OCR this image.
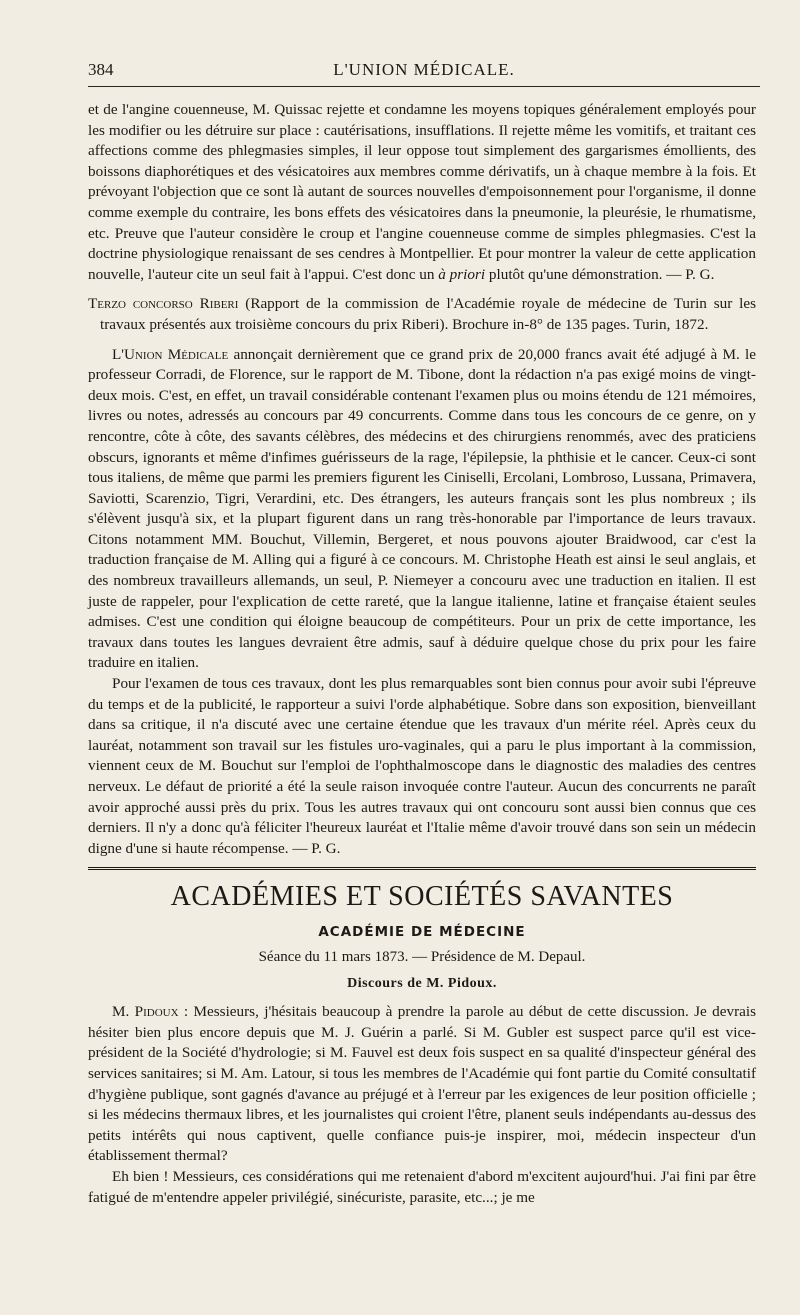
384	L'UNION MÉDICALE.

et de l'angine couenneuse, M. Quissac rejette et condamne les moyens topiques généralement employés pour les modifier ou les détruire sur place : cautérisations, insufflations. Il rejette même les vomitifs, et traitant ces affections comme des phlegmasies simples, il leur oppose tout simplement des gargarismes émollients, des boissons diaphorétiques et des vésicatoires aux membres comme dérivatifs, un à chaque membre à la fois. Et prévoyant l'objection que ce sont là autant de sources nouvelles d'empoisonnement pour l'organisme, il donne comme exemple du contraire, les bons effets des vésicatoires dans la pneumonie, la pleurésie, le rhumatisme, etc. Preuve que l'auteur considère le croup et l'angine couenneuse comme de simples phlegmasies. C'est la doctrine physiologique renaissant de ses cendres à Montpellier. Et pour montrer la valeur de cette application nouvelle, l'auteur cite un seul fait à l'appui. C'est donc un à priori plutôt qu'une démonstration. — P. G.

Terzo concorso Riberi (Rapport de la commission de l'Académie royale de médecine de Turin sur les travaux présentés aux troisième concours du prix Riberi). Brochure in-8° de 135 pages. Turin, 1872.

L'Union Médicale annonçait dernièrement que ce grand prix de 20,000 francs avait été adjugé à M. le professeur Corradi, de Florence, sur le rapport de M. Tibone, dont la rédaction n'a pas exigé moins de vingt-deux mois. C'est, en effet, un travail considérable contenant l'examen plus ou moins étendu de 121 mémoires, livres ou notes, adressés au concours par 49 concurrents. Comme dans tous les concours de ce genre, on y rencontre, côte à côte, des savants célèbres, des médecins et des chirurgiens renommés, avec des praticiens obscurs, ignorants et même d'infimes guérisseurs de la rage, l'épilepsie, la phthisie et le cancer. Ceux-ci sont tous italiens, de même que parmi les premiers figurent les Ciniselli, Ercolani, Lombroso, Lussana, Primavera, Saviotti, Scarenzio, Tigri, Verardini, etc. Des étrangers, les auteurs français sont les plus nombreux ; ils s'élèvent jusqu'à six, et la plupart figurent dans un rang très-honorable par l'importance de leurs travaux. Citons notamment MM. Bouchut, Villemin, Bergeret, et nous pouvons ajouter Braidwood, car c'est la traduction française de M. Alling qui a figuré à ce concours. M. Christophe Heath est ainsi le seul anglais, et des nombreux travailleurs allemands, un seul, P. Niemeyer a concouru avec une traduction en italien. Il est juste de rappeler, pour l'explication de cette rareté, que la langue italienne, latine et française étaient seules admises. C'est une condition qui éloigne beaucoup de compétiteurs. Pour un prix de cette importance, les travaux dans toutes les langues devraient être admis, sauf à déduire quelque chose du prix pour les faire traduire en italien.

Pour l'examen de tous ces travaux, dont les plus remarquables sont bien connus pour avoir subi l'épreuve du temps et de la publicité, le rapporteur a suivi l'orde alphabétique. Sobre dans son exposition, bienveillant dans sa critique, il n'a discuté avec une certaine étendue que les travaux d'un mérite réel. Après ceux du lauréat, notamment son travail sur les fistules uro-vaginales, qui a paru le plus important à la commission, viennent ceux de M. Bouchut sur l'emploi de l'ophthalmoscope dans le diagnostic des maladies des centres nerveux. Le défaut de priorité a été la seule raison invoquée contre l'auteur. Aucun des concurrents ne paraît avoir approché aussi près du prix. Tous les autres travaux qui ont concouru sont aussi bien connus que ces derniers. Il n'y a donc qu'à féliciter l'heureux lauréat et l'Italie même d'avoir trouvé dans son sein un médecin digne d'une si haute récompense. — P. G.

ACADÉMIES ET SOCIÉTÉS SAVANTES
ACADÉMIE DE MÉDECINE
Séance du 11 mars 1873. — Présidence de M. Depaul.
Discours de M. Pidoux.

M. Pidoux : Messieurs, j'hésitais beaucoup à prendre la parole au début de cette discussion. Je devrais hésiter bien plus encore depuis que M. J. Guérin a parlé. Si M. Gubler est suspect parce qu'il est vice-président de la Société d'hydrologie; si M. Fauvel est deux fois suspect en sa qualité d'inspecteur général des services sanitaires; si M. Am. Latour, si tous les membres de l'Académie qui font partie du Comité consultatif d'hygiène publique, sont gagnés d'avance au préjugé et à l'erreur par les exigences de leur position officielle ; si les médecins thermaux libres, et les journalistes qui croient l'être, planent seuls indépendants au-dessus des petits intérêts qui nous captivent, quelle confiance puis-je inspirer, moi, médecin inspecteur d'un établissement thermal?

Eh bien ! Messieurs, ces considérations qui me retenaient d'abord m'excitent aujourd'hui. J'ai fini par être fatigué de m'entendre appeler privilégié, sinécuriste, parasite, etc...; je me
